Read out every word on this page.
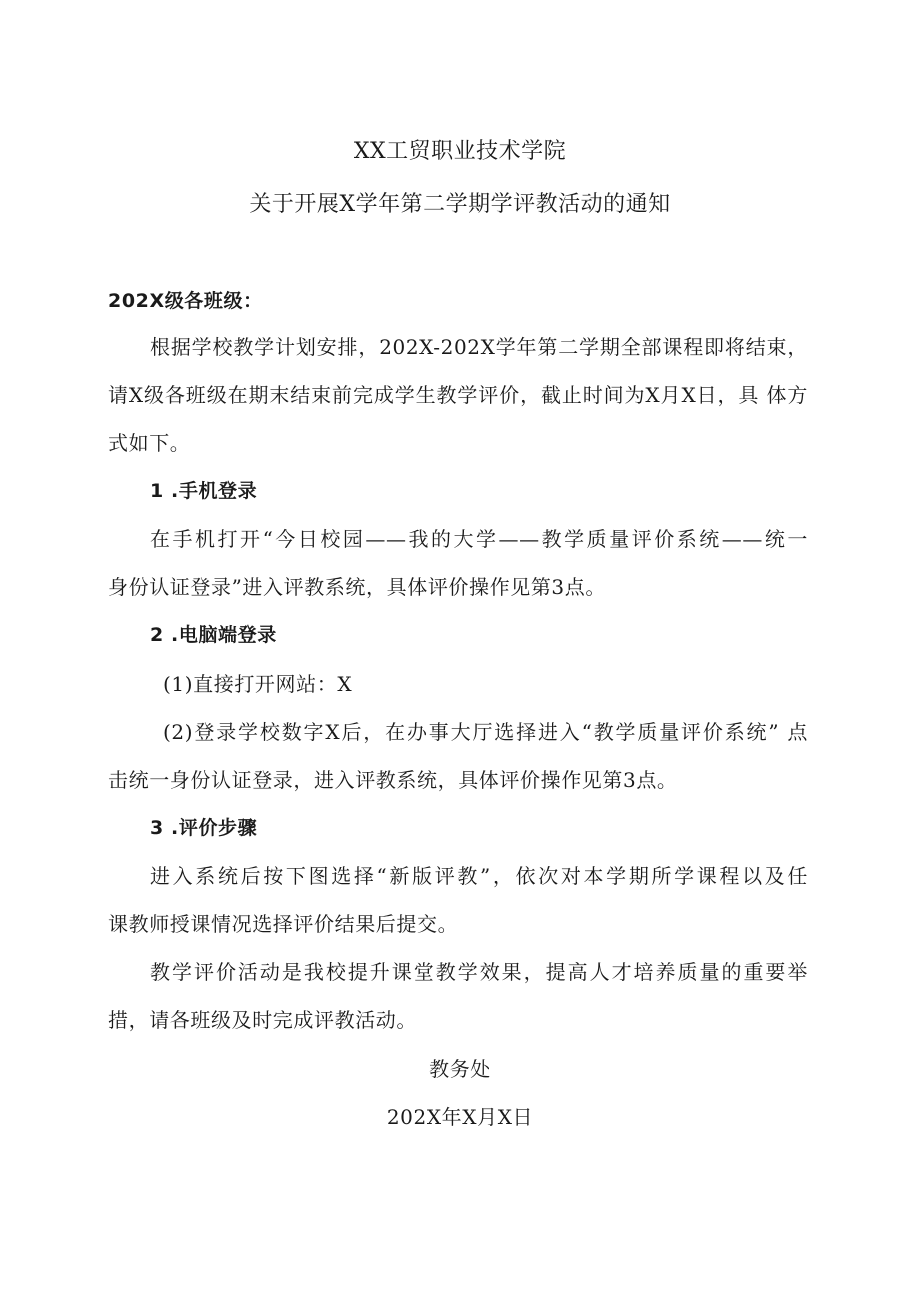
XX工贸职业技术学院
关于开展X学年第二学期学评教活动的通知
202X级各班级：
根据学校教学计划安排，202X-202X学年第二学期全部课程即将结束，
请X级各班级在期末结束前完成学生教学评价，截止时间为X月X日，具 体方
式如下。
1 .手机登录
在手机打开“今日校园——我的大学——教学质量评价系统——统一
身份认证登录”进入评教系统，具体评价操作见第3点。
2 .电脑端登录
(1)直接打开网站：X
(2)登录学校数字X后，在办事大厅选择进入“教学质量评价系统” 点
击统一身份认证登录，进入评教系统，具体评价操作见第3点。
3 .评价步骤
进入系统后按下图选择“新版评教”，依次对本学期所学课程以及任
课教师授课情况选择评价结果后提交。
教学评价活动是我校提升课堂教学效果，提高人才培养质量的重要举
措，请各班级及时完成评教活动。
教务处
202X年X月X日
